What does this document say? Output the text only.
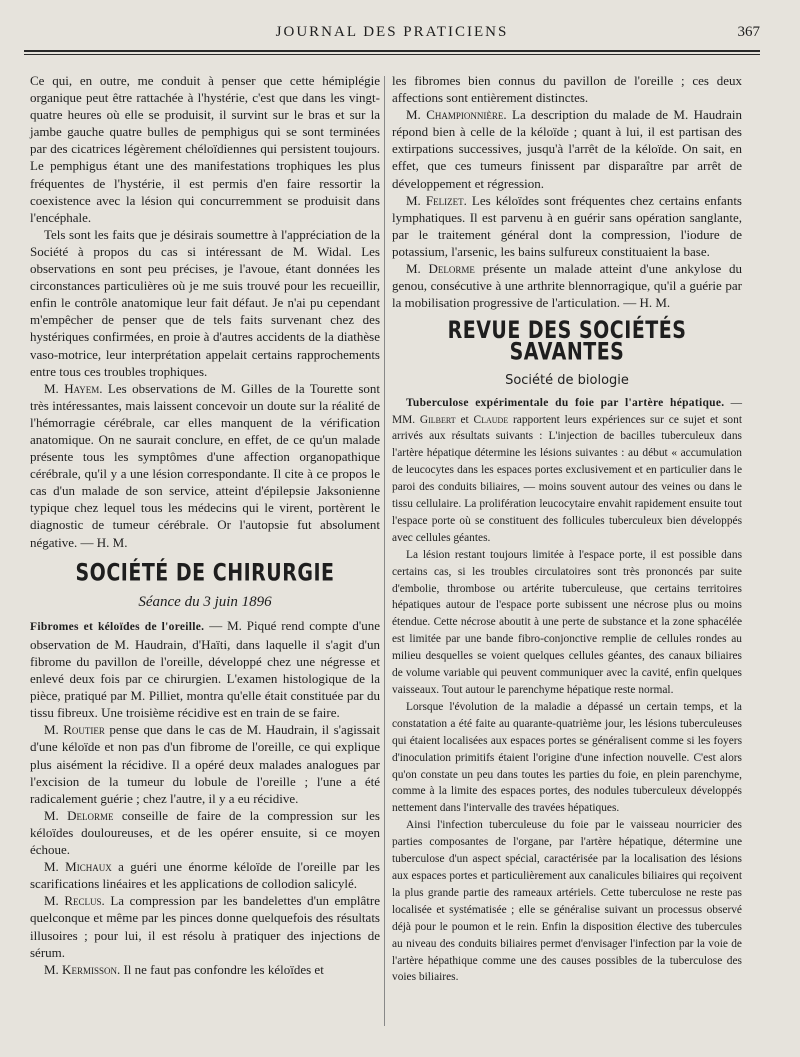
JOURNAL DES PRATICIENS	367

Ce qui, en outre, me conduit à penser que cette hémiplégie organique peut être rattachée à l'hystérie, c'est que dans les vingt-quatre heures où elle se produisit, il survint sur le bras et sur la jambe gauche quatre bulles de pemphigus qui se sont terminées par des cicatrices légèrement chéloïdiennes qui persistent toujours. Le pemphigus étant une des manifestations trophiques les plus fréquentes de l'hystérie, il est permis d'en faire ressortir la coexistence avec la lésion qui concurremment se produisit dans l'encéphale.

Tels sont les faits que je désirais soumettre à l'appréciation de la Société à propos du cas si intéressant de M. Widal. Les observations en sont peu précises, je l'avoue, étant données les circonstances particulières où je me suis trouvé pour les recueillir, enfin le contrôle anatomique leur fait défaut. Je n'ai pu cependant m'empêcher de penser que de tels faits survenant chez des hystériques confirmées, en proie à d'autres accidents de la diathèse vaso-motrice, leur interprétation appelait certains rapprochements entre tous ces troubles trophiques.

M. Hayem. Les observations de M. Gilles de la Tourette sont très intéressantes, mais laissent concevoir un doute sur la réalité de l'hémorragie cérébrale, car elles manquent de la vérification anatomique. On ne saurait conclure, en effet, de ce qu'un malade présente tous les symptômes d'une affection organopathique cérébrale, qu'il y a une lésion correspondante. Il cite à ce propos le cas d'un malade de son service, atteint d'épilepsie Jaksonienne typique chez lequel tous les médecins qui le virent, portèrent le diagnostic de tumeur cérébrale. Or l'autopsie fut absolument négative. — H. M.

SOCIÉTÉ DE CHIRURGIE
Séance du 3 juin 1896

Fibromes et kéloïdes de l'oreille. — M. Piqué rend compte d'une observation de M. Haudrain, d'Haïti, dans laquelle il s'agit d'un fibrome du pavillon de l'oreille, développé chez une négresse et enlevé deux fois par ce chirurgien. L'examen histologique de la pièce, pratiqué par M. Pilliet, montra qu'elle était constituée par du tissu fibreux. Une troisième récidive est en train de se faire.

M. Routier pense que dans le cas de M. Haudrain, il s'agissait d'une kéloïde et non pas d'un fibrome de l'oreille, ce qui explique plus aisément la récidive. Il a opéré deux malades analogues par l'excision de la tumeur du lobule de l'oreille ; l'une a été radicalement guérie ; chez l'autre, il y a eu récidive.

M. Delorme conseille de faire de la compression sur les kéloïdes douloureuses, et de les opérer ensuite, si ce moyen échoue.

M. Michaux a guéri une énorme kéloïde de l'oreille par les scarifications linéaires et les applications de collodion salicylé.

M. Reclus. La compression par les bandelettes d'un emplâtre quelconque et même par les pinces donne quelquefois des résultats illusoires ; pour lui, il est résolu à pratiquer des injections de sérum.

M. Kermisson. Il ne faut pas confondre les kéloïdes et

les fibromes bien connus du pavillon de l'oreille ; ces deux affections sont entièrement distinctes.

M. Championnière. La description du malade de M. Haudrain répond bien à celle de la kéloïde ; quant à lui, il est partisan des extirpations successives, jusqu'à l'arrêt de la kéloïde. On sait, en effet, que ces tumeurs finissent par disparaître par arrêt de développement et régression.

M. Felizet. Les kéloïdes sont fréquentes chez certains enfants lymphatiques. Il est parvenu à en guérir sans opération sanglante, par le traitement général dont la compression, l'iodure de potassium, l'arsenic, les bains sulfureux constituaient la base.

M. Delorme présente un malade atteint d'une ankylose du genou, consécutive à une arthrite blennorragique, qu'il a guérie par la mobilisation progressive de l'articulation. — H. M.

REVUE DES SOCIÉTÉS SAVANTES
Société de biologie

Tuberculose expérimentale du foie par l'artère hépatique. — MM. Gilbert et Claude rapportent leurs expériences sur ce sujet et sont arrivés aux résultats suivants : L'injection de bacilles tuberculeux dans l'artère hépatique détermine les lésions suivantes : au début « accumulation de leucocytes dans les espaces portes exclusivement et en particulier dans le paroi des conduits biliaires, — moins souvent autour des veines ou dans le tissu cellulaire. La prolifération leucocytaire envahit rapidement ensuite tout l'espace porte où se constituent des follicules tuberculeux bien développés avec cellules géantes.

La lésion restant toujours limitée à l'espace porte, il est possible dans certains cas, si les troubles circulatoires sont très prononcés par suite d'embolie, thrombose ou artérite tuberculeuse, que certains territoires hépatiques autour de l'espace porte subissent une nécrose plus ou moins étendue. Cette nécrose aboutit à une perte de substance et la zone sphacélée est limitée par une bande fibro-conjonctive remplie de cellules rondes au milieu desquelles se voient quelques cellules géantes, des canaux biliaires de volume variable qui peuvent communiquer avec la cavité, enfin quelques vaisseaux. Tout autour le parenchyme hépatique reste normal.

Lorsque l'évolution de la maladie a dépassé un certain temps, et la constatation a été faite au quarante-quatrième jour, les lésions tuberculeuses qui étaient localisées aux espaces portes se généralisent comme si les foyers d'inoculation primitifs étaient l'origine d'une infection nouvelle. C'est alors qu'on constate un peu dans toutes les parties du foie, en plein parenchyme, comme à la limite des espaces portes, des nodules tuberculeux développés nettement dans l'intervalle des travées hépatiques.

Ainsi l'infection tuberculeuse du foie par le vaisseau nourricier des parties composantes de l'organe, par l'artère hépatique, détermine une tuberculose d'un aspect spécial, caractérisée par la localisation des lésions aux espaces portes et particulièrement aux canalicules biliaires qui reçoivent la plus grande partie des rameaux artériels. Cette tuberculose ne reste pas localisée et systématisée ; elle se généralise suivant un processus observé déjà pour le poumon et le rein. Enfin la disposition élective des tubercules au niveau des conduits biliaires permet d'envisager l'infection par la voie de l'artère hépathique comme une des causes possibles de la tuberculose des voies biliaires.
